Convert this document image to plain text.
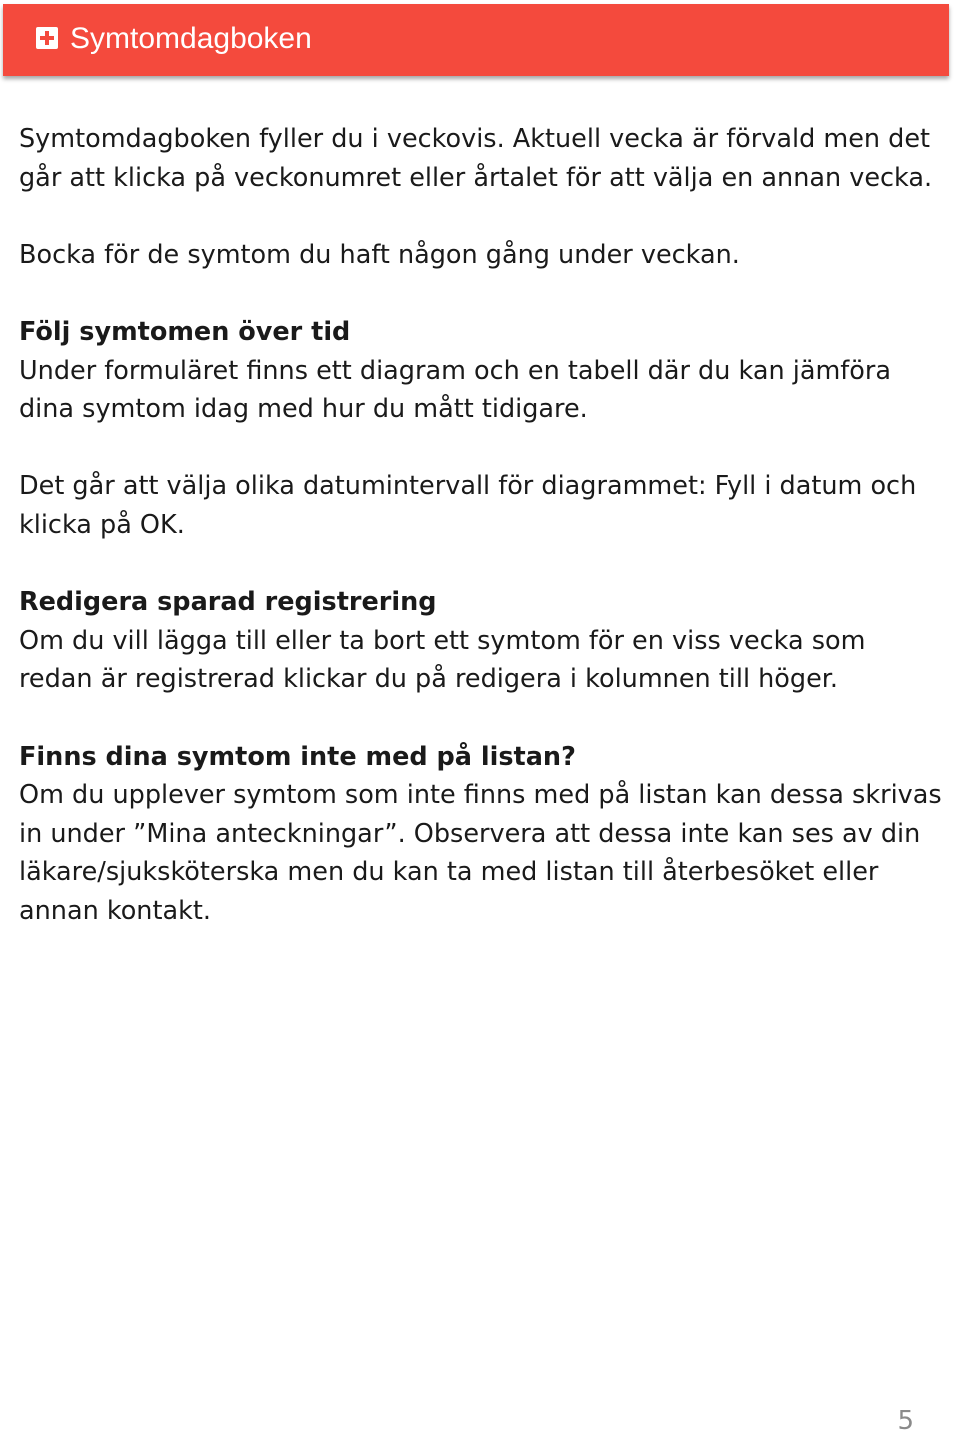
Symtomdagboken

Symtomdagboken fyller du i veckovis. Aktuell vecka är förvald men det går att klicka på veckonumret eller årtalet för att välja en annan vecka.

Bocka för de symtom du haft någon gång under veckan.

Följ symtomen över tid
Under formuläret finns ett diagram och en tabell där du kan jämföra dina symtom idag med hur du mått tidigare.

Det går att välja olika datumintervall för diagrammet: Fyll i datum och klicka på OK.

Redigera sparad registrering
Om du vill lägga till eller ta bort ett symtom för en viss vecka som redan är registrerad klickar du på redigera i kolumnen till höger.

Finns dina symtom inte med på listan?
Om du upplever symtom som inte finns med på listan kan dessa skrivas in under ”Mina anteckningar”. Observera att dessa inte kan ses av din läkare/sjuksköterska men du kan ta med listan till återbesöket eller annan kontakt.

5
